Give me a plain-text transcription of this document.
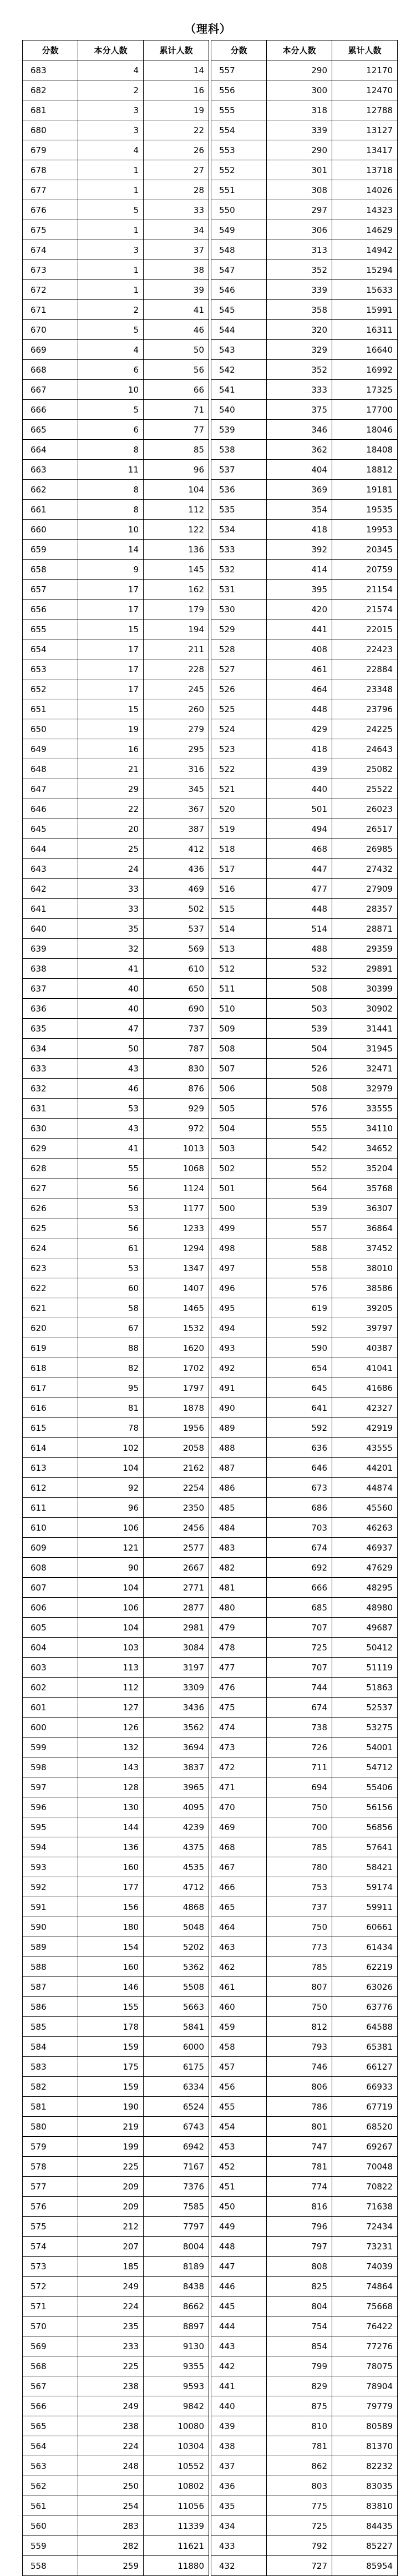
（理科）
分数	本分人数	累计人数
683	4	14
682	2	16
681	3	19
680	3	22
679	4	26
678	1	27
677	1	28
676	5	33
675	1	34
674	3	37
673	1	38
672	1	39
671	2	41
670	5	46
669	4	50
668	6	56
667	10	66
666	5	71
665	6	77
664	8	85
663	11	96
662	8	104
661	8	112
660	10	122
659	14	136
658	9	145
657	17	162
656	17	179
655	15	194
654	17	211
653	17	228
652	17	245
651	15	260
650	19	279
649	16	295
648	21	316
647	29	345
646	22	367
645	20	387
644	25	412
643	24	436
642	33	469
641	33	502
640	35	537
639	32	569
638	41	610
637	40	650
636	40	690
635	47	737
634	50	787
633	43	830
632	46	876
631	53	929
630	43	972
629	41	1013
628	55	1068
627	56	1124
626	53	1177
625	56	1233
624	61	1294
623	53	1347
622	60	1407
621	58	1465
620	67	1532
619	88	1620
618	82	1702
617	95	1797
616	81	1878
615	78	1956
614	102	2058
613	104	2162
612	92	2254
611	96	2350
610	106	2456
609	121	2577
608	90	2667
607	104	2771
606	106	2877
605	104	2981
604	103	3084
603	113	3197
602	112	3309
601	127	3436
600	126	3562
599	132	3694
598	143	3837
597	128	3965
596	130	4095
595	144	4239
594	136	4375
593	160	4535
592	177	4712
591	156	4868
590	180	5048
589	154	5202
588	160	5362
587	146	5508
586	155	5663
585	178	5841
584	159	6000
583	175	6175
582	159	6334
581	190	6524
580	219	6743
579	199	6942
578	225	7167
577	209	7376
576	209	7585
575	212	7797
574	207	8004
573	185	8189
572	249	8438
571	224	8662
570	235	8897
569	233	9130
568	225	9355
567	238	9593
566	249	9842
565	238	10080
564	224	10304
563	248	10552
562	250	10802
561	254	11056
560	283	11339
559	282	11621
558	259	11880
分数	本分人数	累计人数
557	290	12170
556	300	12470
555	318	12788
554	339	13127
553	290	13417
552	301	13718
551	308	14026
550	297	14323
549	306	14629
548	313	14942
547	352	15294
546	339	15633
545	358	15991
544	320	16311
543	329	16640
542	352	16992
541	333	17325
540	375	17700
539	346	18046
538	362	18408
537	404	18812
536	369	19181
535	354	19535
534	418	19953
533	392	20345
532	414	20759
531	395	21154
530	420	21574
529	441	22015
528	408	22423
527	461	22884
526	464	23348
525	448	23796
524	429	24225
523	418	24643
522	439	25082
521	440	25522
520	501	26023
519	494	26517
518	468	26985
517	447	27432
516	477	27909
515	448	28357
514	514	28871
513	488	29359
512	532	29891
511	508	30399
510	503	30902
509	539	31441
508	504	31945
507	526	32471
506	508	32979
505	576	33555
504	555	34110
503	542	34652
502	552	35204
501	564	35768
500	539	36307
499	557	36864
498	588	37452
497	558	38010
496	576	38586
495	619	39205
494	592	39797
493	590	40387
492	654	41041
491	645	41686
490	641	42327
489	592	42919
488	636	43555
487	646	44201
486	673	44874
485	686	45560
484	703	46263
483	674	46937
482	692	47629
481	666	48295
480	685	48980
479	707	49687
478	725	50412
477	707	51119
476	744	51863
475	674	52537
474	738	53275
473	726	54001
472	711	54712
471	694	55406
470	750	56156
469	700	56856
468	785	57641
467	780	58421
466	753	59174
465	737	59911
464	750	60661
463	773	61434
462	785	62219
461	807	63026
460	750	63776
459	812	64588
458	793	65381
457	746	66127
456	806	66933
455	786	67719
454	801	68520
453	747	69267
452	781	70048
451	774	70822
450	816	71638
449	796	72434
448	797	73231
447	808	74039
446	825	74864
445	804	75668
444	754	76422
443	854	77276
442	799	78075
441	829	78904
440	875	79779
439	810	80589
438	781	81370
437	862	82232
436	803	83035
435	775	83810
434	725	84435
433	792	85227
432	727	85954
